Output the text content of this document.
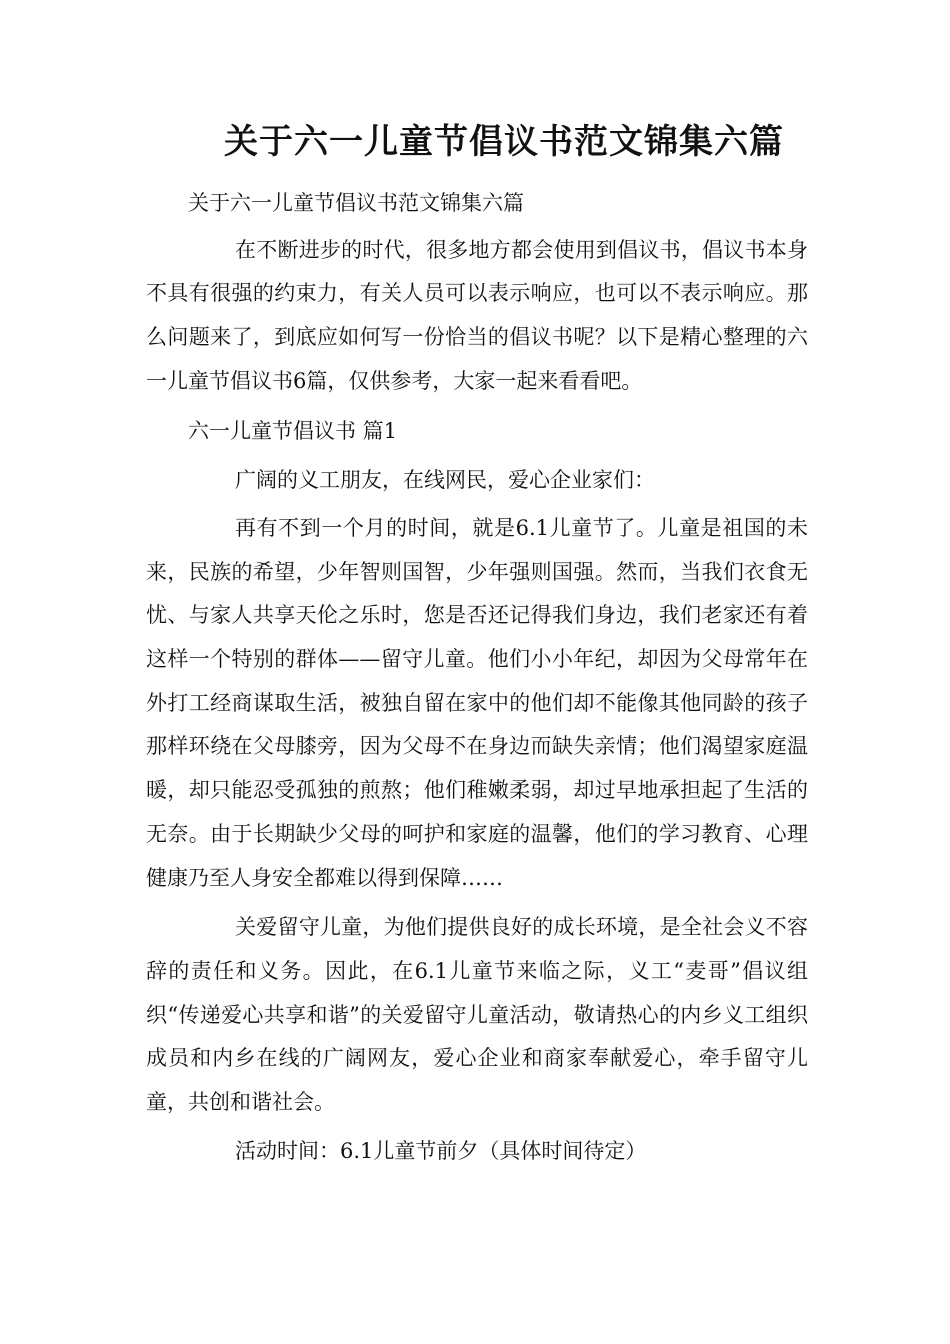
关于六一儿童节倡议书范文锦集六篇

关于六一儿童节倡议书范文锦集六篇

在不断进步的时代，很多地方都会使用到倡议书，倡议书本身不具有很强的约束力，有关人员可以表示响应，也可以不表示响应。那么问题来了，到底应如何写一份恰当的倡议书呢？以下是精心整理的六一儿童节倡议书6篇，仅供参考，大家一起来看看吧。

六一儿童节倡议书 篇1

广阔的义工朋友，在线网民，爱心企业家们：

再有不到一个月的时间，就是6.1儿童节了。儿童是祖国的未来，民族的希望，少年智则国智，少年强则国强。然而，当我们衣食无忧、与家人共享天伦之乐时，您是否还记得我们身边，我们老家还有着这样一个特别的群体——留守儿童。他们小小年纪，却因为父母常年在外打工经商谋取生活，被独自留在家中的他们却不能像其他同龄的孩子那样环绕在父母膝旁，因为父母不在身边而缺失亲情；他们渴望家庭温暖，却只能忍受孤独的煎熬；他们稚嫩柔弱，却过早地承担起了生活的无奈。由于长期缺少父母的呵护和家庭的温馨，他们的学习教育、心理健康乃至人身安全都难以得到保障……

关爱留守儿童，为他们提供良好的成长环境，是全社会义不容辞的责任和义务。因此，在6.1儿童节来临之际，义工“麦哥”倡议组织“传递爱心共享和谐”的关爱留守儿童活动，敬请热心的内乡义工组织成员和内乡在线的广阔网友，爱心企业和商家奉献爱心，牵手留守儿童，共创和谐社会。

活动时间：6.1儿童节前夕（具体时间待定）
